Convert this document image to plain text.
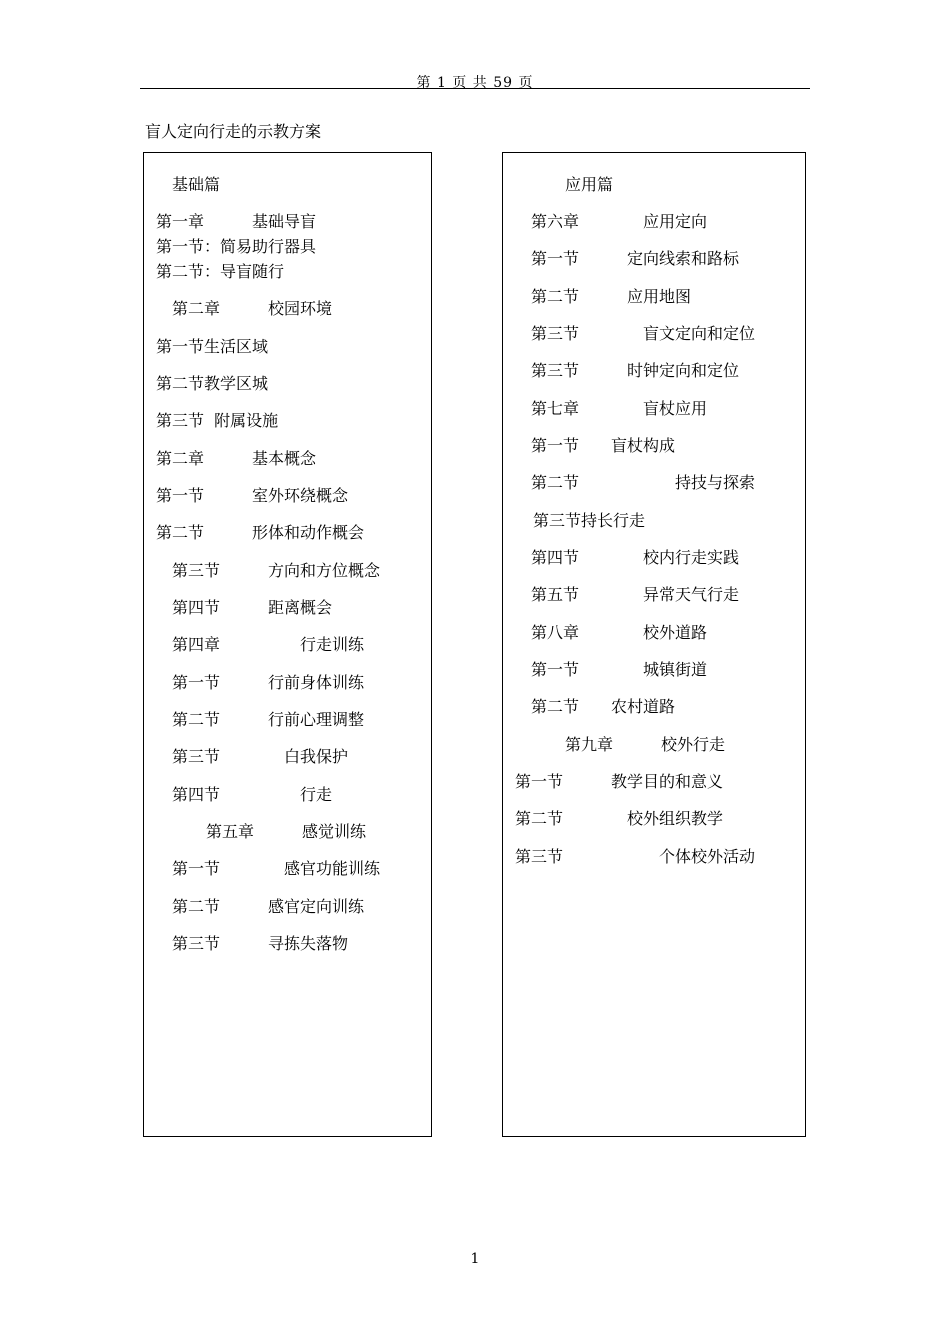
第 1 页 共 59 页
盲人定向行走的示教方案
基础篇
第一章　　　基础导盲
第一节：简易助行器具
第二节：导盲随行
第二章　　　校园环境
第一节生活区域
第二节教学区城
第三节  附属设施
第二章　　　基本概念
第一节　　　室外环绕概念
第二节　　　形体和动作概会
第三节　　　方向和方位概念
第四节　　　距离概会
第四章　　　　　行走训练
第一节　　　行前身体训练
第二节　　　行前心理调整
第三节　　　　白我保护
第四节　　　　　行走
第五章　　　感觉训练
第一节　　　　感官功能训练
第二节　　　感官定向训练
第三节　　　寻拣失落物
应用篇
第六章　　　　应用定向
第一节　　　定向线索和路标
第二节　　　应用地图
第三节　　　　盲文定向和定位
第三节　　　时钟定向和定位
第七章　　　　盲杖应用
第一节　　盲杖构成
第二节　　　　　　持技与探索
第三节持长行走
第四节　　　　校内行走实践
第五节　　　　异常天气行走
第八章　　　　校外道路
第一节　　　　城镇街道
第二节　　农村道路
第九章　　　校外行走
第一节　　　教学目的和意义
第二节　　　　校外组织教学
第三节　　　　　　个体校外活动
1
